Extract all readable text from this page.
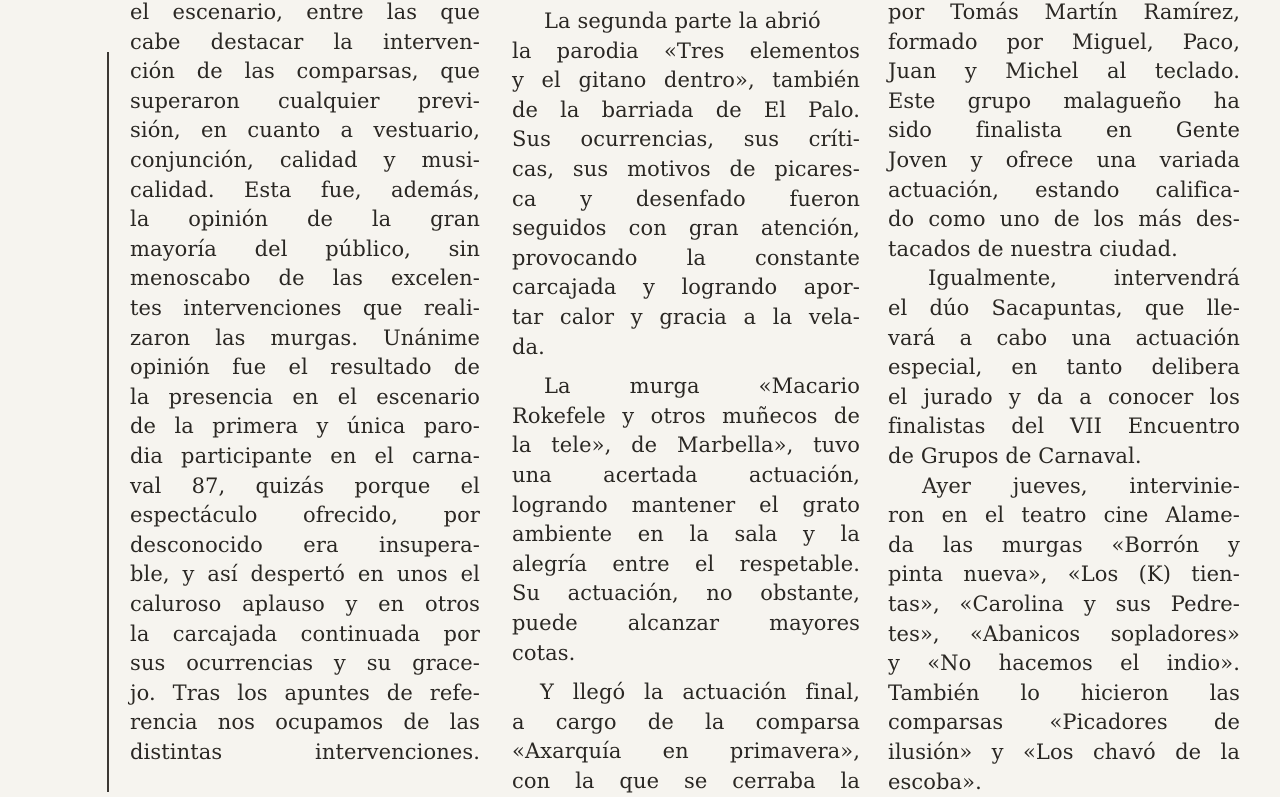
el escenario, entre las que
cabe destacar la interven-
ción de las comparsas, que
superaron cualquier previ-
sión, en cuanto a vestuario,
conjunción, calidad y musi-
calidad. Esta fue, además,
la opinión de la gran
mayoría del público, sin
menoscabo de las excelen-
tes intervenciones que reali-
zaron las murgas. Unánime
opinión fue el resultado de
la presencia en el escenario
de la primera y única paro-
dia participante en el carna-
val 87, quizás porque el
espectáculo ofrecido, por
desconocido era insupera-
ble, y así despertó en unos el
caluroso aplauso y en otros
la carcajada continuada por
sus ocurrencias y su grace-
jo. Tras los apuntes de refe-
rencia nos ocupamos de las
distintas intervenciones.
La segunda parte la abrió
la parodia «Tres elementos
y el gitano dentro», también
de la barriada de El Palo.
Sus ocurrencias, sus críti-
cas, sus motivos de picares-
ca y desenfado fueron
seguidos con gran atención,
provocando la constante
carcajada y logrando apor-
tar calor y gracia a la vela-
da.
La murga «Macario
Rokefele y otros muñecos de
la tele», de Marbella», tuvo
una acertada actuación,
logrando mantener el grato
ambiente en la sala y la
alegría entre el respetable.
Su actuación, no obstante,
puede alcanzar mayores
cotas.
Y llegó la actuación final,
a cargo de la comparsa
«Axarquía en primavera»,
con la que se cerraba la
por Tomás Martín Ramírez,
formado por Miguel, Paco,
Juan y Michel al teclado.
Este grupo malagueño ha
sido finalista en Gente
Joven y ofrece una variada
actuación, estando califica-
do como uno de los más des-
tacados de nuestra ciudad.
Igualmente, intervendrá
el dúo Sacapuntas, que lle-
vará a cabo una actuación
especial, en tanto delibera
el jurado y da a conocer los
finalistas del VII Encuentro
de Grupos de Carnaval.
Ayer jueves, intervinie-
ron en el teatro cine Alame-
da las murgas «Borrón y
pinta nueva», «Los (K) tien-
tas», «Carolina y sus Pedre-
tes», «Abanicos sopladores»
y «No hacemos el indio».
También lo hicieron las
comparsas «Picadores de
ilusión» y «Los chavó de la
escoba».
